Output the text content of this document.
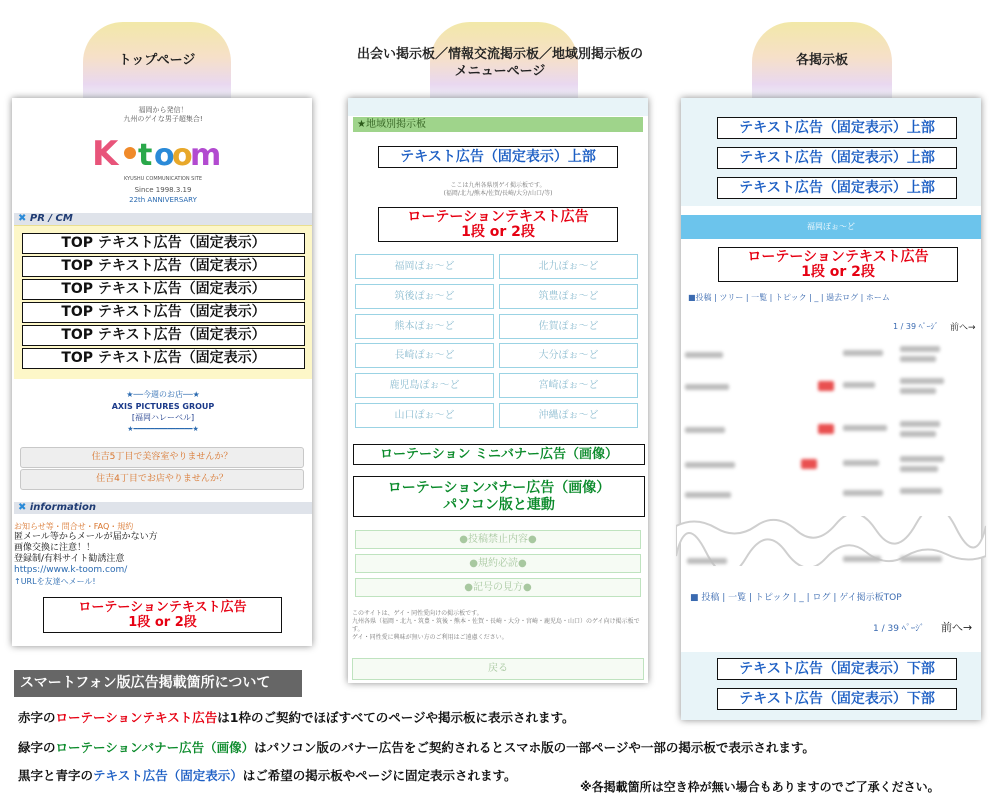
トップページ	出会い掲示板／情報交流掲示板／地域別掲示板の
メニューページ
各掲示板
福岡から発信！
九州のゲイな男子超集合!
K t o
o
m
KYUSHU COMMUNICATION SITE
Since 1998.3.19
22th ANNIVERSARY
✖ PR / CM
TOP テキスト広告（固定表示）
TOP テキスト広告（固定表示）
TOP テキスト広告（固定表示）
TOP テキスト広告（固定表示）
TOP テキスト広告（固定表示）
TOP テキスト広告（固定表示）
★──今週のお店──★
AXIS PICTURES GROUP
[福岡ハレーベル]
★━━━━━━━━━━━━━━★
住吉5丁目で美容室やりませんか？
住吉4丁目でお店やりませんか？
✖ information
お知らせ等・問合せ・FAQ・規約
匿メール等からメールが届かない方
画像交換に注意！！
登録制/有料サイト勧誘注意
https://www.k-toom.com/
↑URLを友達へメール!
ローテーションテキスト広告
1段 or 2段
★地域別掲示板
テキスト広告（固定表示）上部
ここは九州各県別ゲイ掲示板です。
(福岡/北九/熊本/佐賀/長崎/大分/山口/等)
ローテーションテキスト広告
1段 or 2段
福岡ぽぉ～ど	北九ぽぉ～ど
筑後ぽぉ～ど	筑豊ぽぉ～ど
熊本ぽぉ～ど	佐賀ぽぉ～ど
長崎ぽぉ～ど	大分ぽぉ～ど
鹿児島ぽぉ～ど	宮崎ぽぉ～ど
山口ぽぉ～ど	沖縄ぽぉ～ど
ローテーション ミニバナー広告（画像）
ローテーションバナー広告（画像）
パソコン版と連動
●投稿禁止内容●
●規約必読●
●記号の見方●
このサイトは、ゲイ・同性愛向けの掲示板です。
九州各県（福岡・北九・筑豊・筑後・熊本・佐賀・長崎・大分・宮崎・鹿児島・山口）のゲイ向け掲示板です。
ゲイ・同性愛に興味が無い方のご利用はご遠慮ください。
戻る
テキスト広告（固定表示）上部
テキスト広告（固定表示）上部
テキスト広告（固定表示）上部
福岡ぽぉ～ど
ローテーションテキスト広告
1段 or 2段
■投稿 | ツリー | 一覧 | トピック | _ | 過去ログ | ホーム
1 / 39 ﾍﾟｰｼﾞ 前へ→
■ 投稿 | 一覧 | トピック | _ | ログ | ゲイ掲示板TOP
1 / 39 ﾍﾟｰｼﾞ 前へ→
テキスト広告（固定表示）下部
テキスト広告（固定表示）下部
スマートフォン版広告掲載箇所について
赤字のローテーションテキスト広告は1枠のご契約でほぼすべてのページや掲示板に表示されます。
緑字のローテーションバナー広告（画像）はパソコン版のバナー広告をご契約されるとスマホ版の一部ページや一部の掲示板で表示されます。
黒字と青字のテキスト広告（固定表示）はご希望の掲示板やページに固定表示されます。
※各掲載箇所は空き枠が無い場合もありますのでご了承ください。
